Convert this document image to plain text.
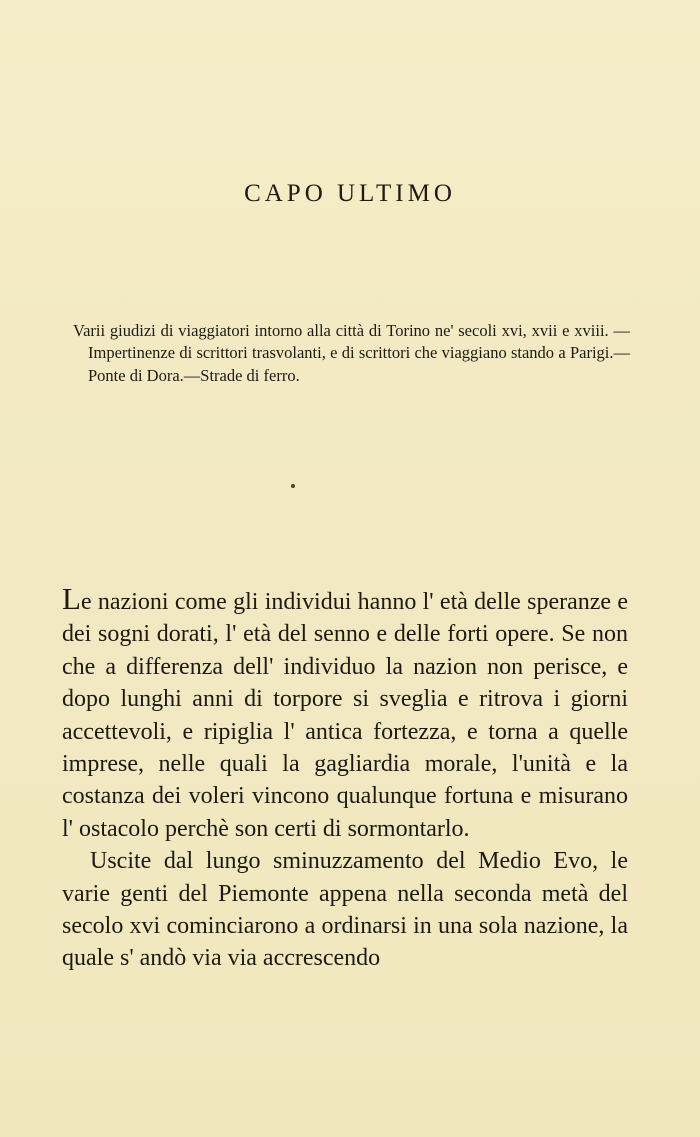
CAPO ULTIMO

Varii giudizi di viaggiatori intorno alla città di Torino ne' secoli xvi, xvii e xviii. — Impertinenze di scrittori trasvolanti, e di scrittori che viaggiano stando a Parigi.—Ponte di Dora.—Strade di ferro.

Le nazioni come gli individui hanno l' età delle speranze e dei sogni dorati, l' età del senno e delle forti opere. Se non che a differenza dell' individuo la nazion non perisce, e dopo lunghi anni di torpore si sveglia e ritrova i giorni accettevoli, e ripiglia l' antica fortezza, e torna a quelle imprese, nelle quali la gagliardia morale, l'unità e la costanza dei voleri vincono qualunque fortuna e misurano l' ostacolo perchè son certi di sormontarlo.

Uscite dal lungo sminuzzamento del Medio Evo, le varie genti del Piemonte appena nella seconda metà del secolo xvi cominciarono a ordinarsi in una sola nazione, la quale s' andò via via accrescendo
